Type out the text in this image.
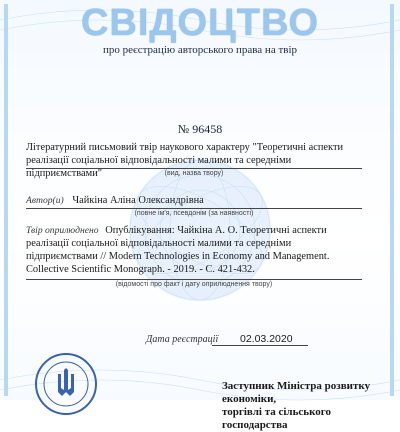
СВІДОЦТВО
про реєстрацію авторського права на твір
№ 96458
Літературний письмовий твір наукового характеру "Теоретичні аспекти реалізації соціальної відповідальності малими та середніми підприємствами"	(вид, назва твору)
Автор(и) Чайкіна Аліна Олександрівна
(повне ім'я, псевдонім (за наявності)
Твір оприлюднено Опублікування: Чайкіна А. О. Теоретичні аспекти реалізації соціальної відповідальності малими та середніми підприємствами // Modern Technologies in Economy and Management. Collective Scientific Monograph. - 2019. - С. 421-432.
(відомості про факт і дату оприлюднення твору)
Дата реєстрації 02.03.2020
Заступник Міністра розвитку економіки,
торгівлі та сільського господарства
